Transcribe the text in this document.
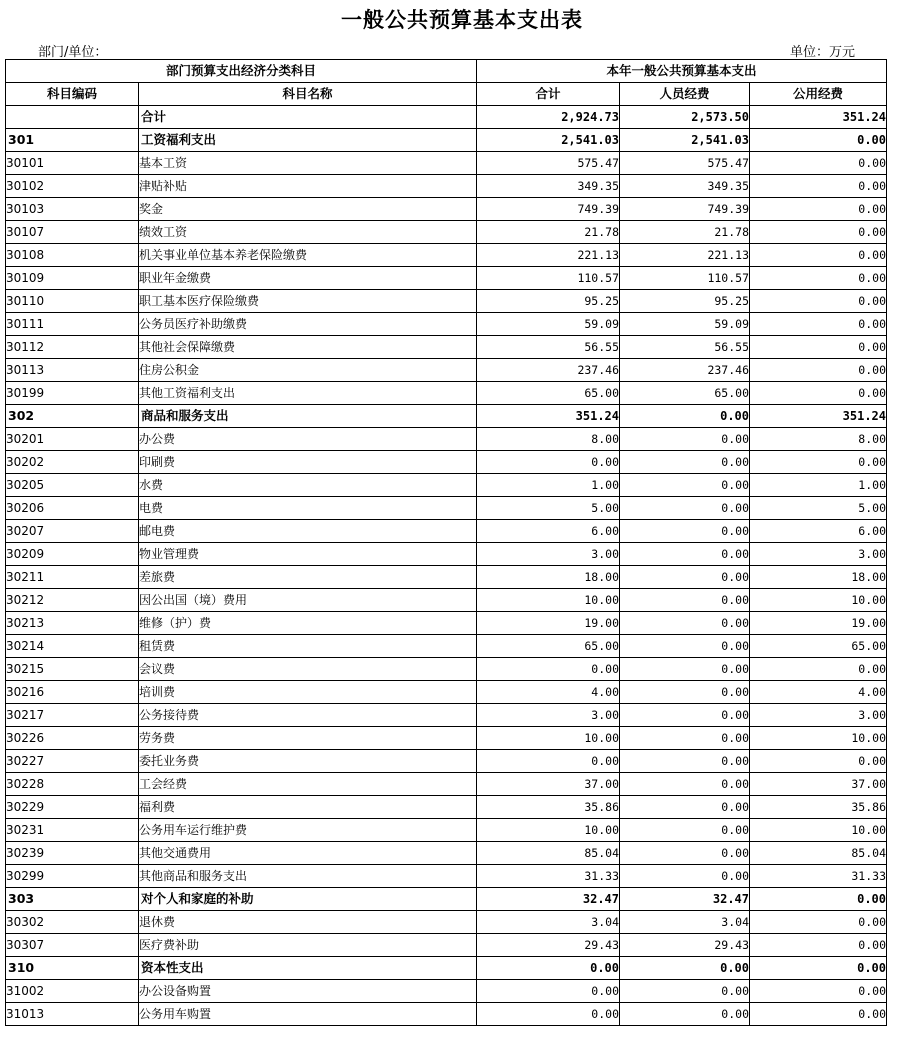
一般公共预算基本支出表
部门/单位：	单位：万元
部门预算支出经济分类科目		本年一般公共预算基本支出		
科目编码	科目名称	合计	人员经费	公用经费
	合计	2,924.73	2,573.50	351.24
301	工资福利支出	2,541.03	2,541.03	0.00
30101	基本工资	575.47	575.47	0.00
30102	津贴补贴	349.35	349.35	0.00
30103	奖金	749.39	749.39	0.00
30107	绩效工资	21.78	21.78	0.00
30108	机关事业单位基本养老保险缴费	221.13	221.13	0.00
30109	职业年金缴费	110.57	110.57	0.00
30110	职工基本医疗保险缴费	95.25	95.25	0.00
30111	公务员医疗补助缴费	59.09	59.09	0.00
30112	其他社会保障缴费	56.55	56.55	0.00
30113	住房公积金	237.46	237.46	0.00
30199	其他工资福利支出	65.00	65.00	0.00
302	商品和服务支出	351.24	0.00	351.24
30201	办公费	8.00	0.00	8.00
30202	印刷费	0.00	0.00	0.00
30205	水费	1.00	0.00	1.00
30206	电费	5.00	0.00	5.00
30207	邮电费	6.00	0.00	6.00
30209	物业管理费	3.00	0.00	3.00
30211	差旅费	18.00	0.00	18.00
30212	因公出国（境）费用	10.00	0.00	10.00
30213	维修（护）费	19.00	0.00	19.00
30214	租赁费	65.00	0.00	65.00
30215	会议费	0.00	0.00	0.00
30216	培训费	4.00	0.00	4.00
30217	公务接待费	3.00	0.00	3.00
30226	劳务费	10.00	0.00	10.00
30227	委托业务费	0.00	0.00	0.00
30228	工会经费	37.00	0.00	37.00
30229	福利费	35.86	0.00	35.86
30231	公务用车运行维护费	10.00	0.00	10.00
30239	其他交通费用	85.04	0.00	85.04
30299	其他商品和服务支出	31.33	0.00	31.33
303	对个人和家庭的补助	32.47	32.47	0.00
30302	退休费	3.04	3.04	0.00
30307	医疗费补助	29.43	29.43	0.00
310	资本性支出	0.00	0.00	0.00
31002	办公设备购置	0.00	0.00	0.00
31013	公务用车购置	0.00	0.00	0.00
